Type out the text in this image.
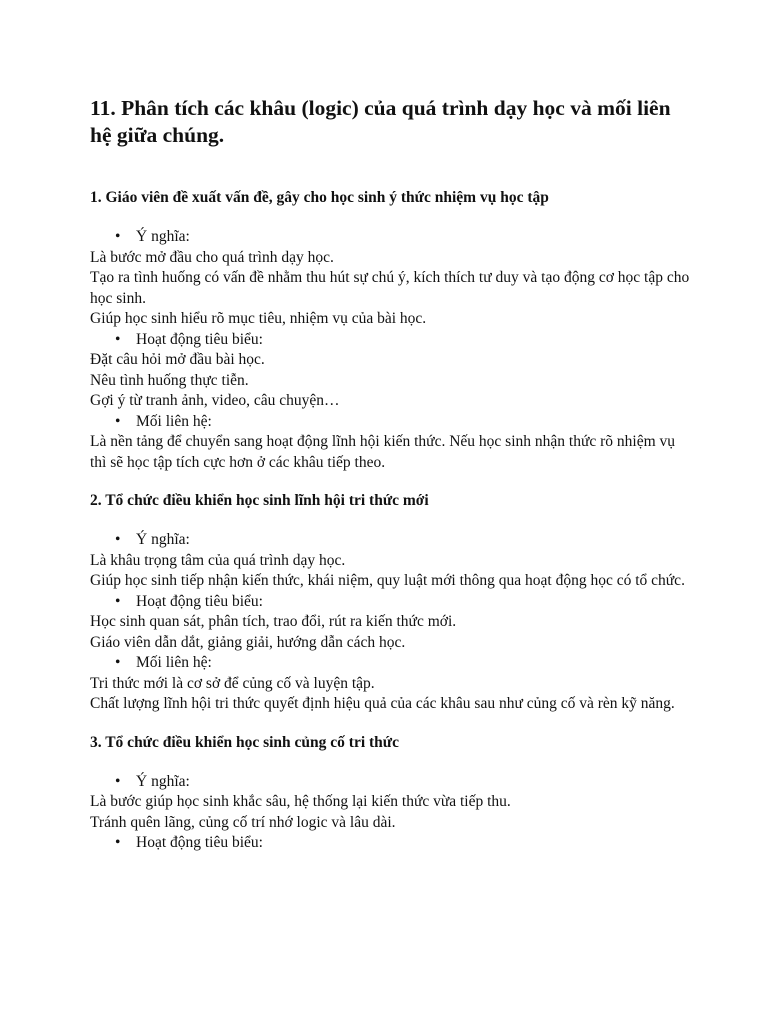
11. Phân tích các khâu (logic) của quá trình dạy học và mối liên hệ giữa chúng.
1. Giáo viên đề xuất vấn đề, gây cho học sinh ý thức nhiệm vụ học tập
• Ý nghĩa:

Là bước mở đầu cho quá trình dạy học.

Tạo ra tình huống có vấn đề nhằm thu hút sự chú ý, kích thích tư duy và tạo động cơ học tập cho học sinh.

Giúp học sinh hiểu rõ mục tiêu, nhiệm vụ của bài học.

• Hoạt động tiêu biểu:

Đặt câu hỏi mở đầu bài học.

Nêu tình huống thực tiễn.

Gợi ý từ tranh ảnh, video, câu chuyện…

• Mối liên hệ:

Là nền tảng để chuyển sang hoạt động lĩnh hội kiến thức. Nếu học sinh nhận thức rõ nhiệm vụ thì sẽ học tập tích cực hơn ở các khâu tiếp theo.

2. Tổ chức điều khiển học sinh lĩnh hội tri thức mới
• Ý nghĩa:

Là khâu trọng tâm của quá trình dạy học.

Giúp học sinh tiếp nhận kiến thức, khái niệm, quy luật mới thông qua hoạt động học có tổ chức.

• Hoạt động tiêu biểu:

Học sinh quan sát, phân tích, trao đổi, rút ra kiến thức mới.

Giáo viên dẫn dắt, giảng giải, hướng dẫn cách học.

• Mối liên hệ:

Tri thức mới là cơ sở để củng cố và luyện tập.

Chất lượng lĩnh hội tri thức quyết định hiệu quả của các khâu sau như củng cố và rèn kỹ năng.

3. Tổ chức điều khiển học sinh củng cố tri thức
• Ý nghĩa:

Là bước giúp học sinh khắc sâu, hệ thống lại kiến thức vừa tiếp thu.

Tránh quên lãng, củng cố trí nhớ logic và lâu dài.

• Hoạt động tiêu biểu:
